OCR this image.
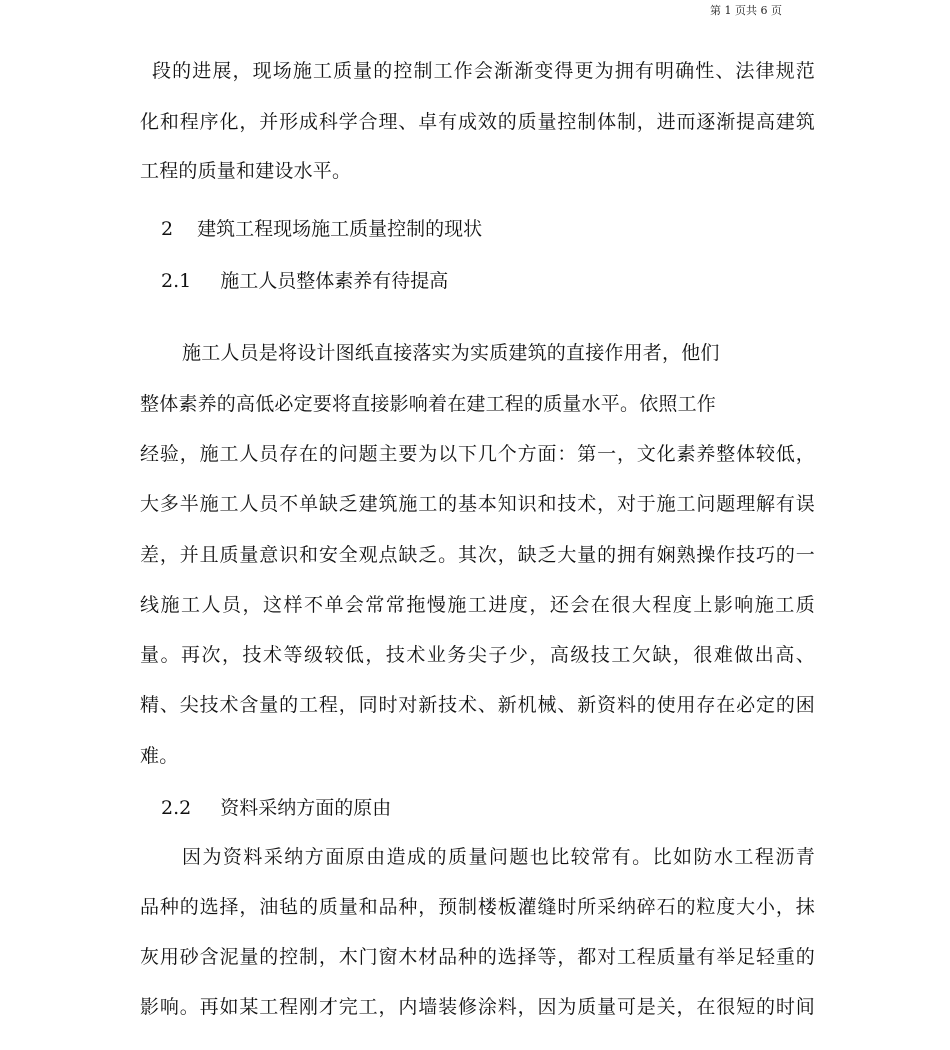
第 1 页共 6 页
段的进展，现场施工质量的控制工作会渐渐变得更为拥有明确性、法律规范
化和程序化，并形成科学合理、卓有成效的质量控制体制，进而逐渐提高建筑
工程的质量和建设水平。
2 建筑工程现场施工质量控制的现状
2.1 施工人员整体素养有待提高
施工人员是将设计图纸直接落实为实质建筑的直接作用者，他们
整体素养的高低必定要将直接影响着在建工程的质量水平。依照工作
经验，施工人员存在的问题主要为以下几个方面：第一，文化素养整体较低，
大多半施工人员不单缺乏建筑施工的基本知识和技术，对于施工问题理解有误
差，并且质量意识和安全观点缺乏。其次，缺乏大量的拥有娴熟操作技巧的一
线施工人员，这样不单会常常拖慢施工进度，还会在很大程度上影响施工质
量。再次，技术等级较低，技术业务尖子少，高级技工欠缺，很难做出高、
精、尖技术含量的工程，同时对新技术、新机械、新资料的使用存在必定的困
难。
2.2 资料采纳方面的原由
因为资料采纳方面原由造成的质量问题也比较常有。比如防水工程沥青
品种的选择，油毡的质量和品种，预制楼板灌缝时所采纳碎石的粒度大小，抹
灰用砂含泥量的控制，木门窗木材品种的选择等，都对工程质量有举足轻重的
影响。再如某工程刚才完工，内墙装修涂料，因为质量可是关，在很短的时间
